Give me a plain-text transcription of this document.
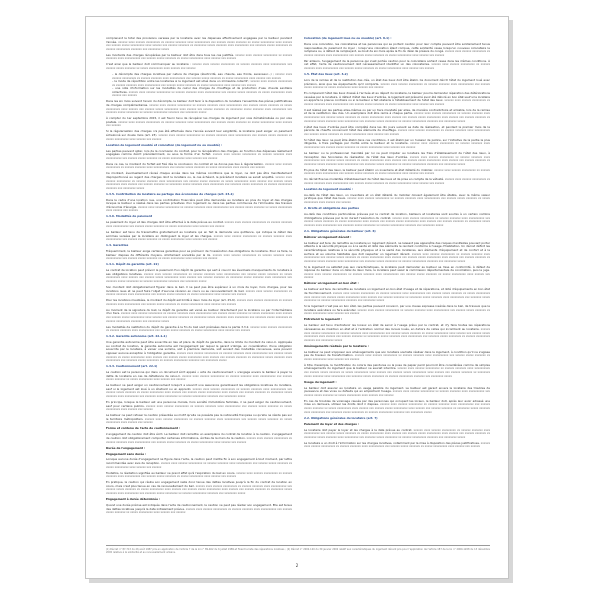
comprenant le total des provisions versées par le locataire avec les dépenses effectivement engagées par le bailleur pendant l'année. xxxxxx xxxx xxxxxx xxxxxxxxx xx xxxxxx xxxxxxx xxxx xxxxxxxxxx xxx xxxxxx xxxxx xxxxxxx xx xxxxx xxxxxxxxx xxxx xxxxxx xxx xxxxxx xxxxx xxxxxxxxx xxxx xxxxxx xxx xxxxxx xxxxxxx xx xxxxxxxx xxxxx xxxxxxx xxxx xxxxxxxxx xxx xxxxxxx xxxxx xxxxxxxx xx xxxxxx xxxxxxxxx xxxxxxx xxx xxxxxxxx xxxxx

Les montants des charges récupérées par le bailleur doit être dans tous les cas justifiés. xxxxxx xxxx xxxxxx xxxxxxxxx xx xxxxxx xxxxxxx xxxx xxxxxxxxxx xxx xxxxxx xxxxx xxxxxxx xx xxxxx xxxxxxxxx xxxx xxxxxx xxx xxxxxx

C'est ainsi que le bailleur doit communiquer au locataire : xxxxxx xxxx xxxxxx xxxxxxxxx xx xxxxxx xxxxxxx xxxx xxxxxxxxxx xxx xxxxxx xxxxx xxxxxxx xx xxxxx xxxxxxxxx xxxx xxxxxx xxx xxxxxx

– le décompte des charges locatives par nature de charges (électricité, eau chaude, eau froide, ascenseur...) ; xxxxxx xxxx xxxxxx xxxxxxxxx xx xxxxxx xxxxxxx xxxx xxxxxxxxxx xxx xxxxxx xxxxx xxxxxxx xx xxxxx xxxxxxxxx xxxx xxxxxx xxx xxxxxx
– le mode de répartition entre les locataires si le logement est situé dans un immeuble collectif ; xxxxxx xxxx xxxxxx xxxxxxxxx xx xxxxxx xxxxxxx xxxx xxxxxxxxxx xxx xxxxxx xxxxx xxxxxxx xx xxxxx xxxxxxxxx xxxx xxxxxx xxx xxxxxx
– une note d'information sur les modalités de calcul des charges de chauffage et de production d'eau chaude sanitaire collectives. xxxxxx xxxx xxxxxx xxxxxxxxx xx xxxxxx xxxxxxx xxxx xxxxxxxxxx xxx xxxxxx xxxxx xxxxxxx xx xxxxx xxxxxxxxx xxxx xxxxxx xxx xxxxxx

Dans les six mois suivant l'envoi du décompte, le bailleur doit tenir à la disposition du locataire l'ensemble des pièces justificatives de charges complémentaires. xxxxxx xxxx xxxxxx xxxxxxxxx xx xxxxxx xxxxxxx xxxx xxxxxxxxxx xxx xxxxxx xxxxx xxxxxxx xx xxxxx xxxxxxxxx xxxx xxxxxx xxx xxxxxx xxxxx xxxxxxxxx xxxx xxxxxx xxx xxxxxx xxxxxxx xx xxxxxxxx xxxxx xxxxxxx xxxx xxxxxxxxx xxx xxxxxxx xxxxx xxxxxxxx xx xxxxxx xxxxxxxxx xxxxxxx xxx xxxxxxxx xxxxx

À compter du 1er septembre 2015, il est fourni tenu de récupérer les charges de logement par voie dématérialisée ou par voie postale. xxxxxx xxxx xxxxxx xxxxxxxxx xx xxxxxx xxxxxxx xxxx xxxxxxxxxx xxx xxxxxx xxxxx xxxxxxx xx xxxxx xxxxxxxxx xxxx xxxxxx xxx xxxxxx

Si la régularisation des charges n'a pas été effectuée dans l'année suivant leur exigibilité, le locataire peut exiger un paiement échelonné sur douze mois (art. 23). xxxxxx xxxx xxxxxx xxxxxxxxx xx xxxxxx xxxxxxx xxxx xxxxxxxxxx xxx xxxxxx xxxxx xxxxxxx xx xxxxx xxxxxxxxx xxxx xxxxxx xxx xxxxxx

Location de logement meublé et colocation (de logement nu ou meublé) :

Les parties peuvent opter, lors de la conclusion du contrat, pour la récupération des charges, en fonction des dépenses réellement engagées comme décrit précédemment, ou sous la forme d'un forfait. xxxxxx xxxx xxxxxx xxxxxxxxx xx xxxxxx xxxxxxx xxxx xxxxxxxxxx xxx xxxxxx xxxxx xxxxxxx xx xxxxx xxxxxxxxx xxxx xxxxxx xxx xxxxxx

Dans ce cas, le montant du forfait est fixé dès la conclusion du contrat et ne donne pas lieu à régularisation. xxxxxx xxxx xxxxxx xxxxxxxxx xx xxxxxx xxxxxxx xxxx xxxxxxxxxx xxx xxxxxx xxxxx xxxxxxx xx xxxxx xxxxxxxxx xxxx xxxxxx xxx xxxxxx

Ce montant, éventuellement révisé chaque année dans les mêmes conditions que le loyer, ne doit pas être manifestement disproportionné au regard des charges dont le locataire ou, le cas échéant, le précédent locataire se serait acquitté. xxxxxx xxxx xxxxxx xxxxxxxxx xx xxxxxx xxxxxxx xxxx xxxxxxxxxx xxx xxxxxx xxxxx xxxxxxx xx xxxxx xxxxxxxxx xxxx xxxxxx xxx xxxxxx xxxxx xxxxxxxxx xxxx xxxxxx xxx xxxxxx xxxxxxx xx xxxxxxxx xxxxx xxxxxxx xxxx xxxxxxxxx xxx xxxxxxx xxxxx xxxxxxxx xx xxxxxx xxxxxxxxx xxxxxxx xxx xxxxxxxx xxxxx

1.3.5. Contribution du locataire au partage des économies de charges (art. 23-1)

Dans le cadre d'une location nue, une contribution financière peut être demandée au locataire en plus du loyer et des charges lorsque le bailleur a réalisé dans les parties privatives d'un logement ou dans les parties communes de l'immeuble des travaux d'économie d'énergie. xxxxxx xxxx xxxxxx xxxxxxxxx xx xxxxxx xxxxxxx xxxx xxxxxxxxxx xxx xxxxxx xxxxx xxxxxxx xx xxxxx xxxxxxxxx xxxx xxxxxx xxx xxxxxx

1.3.6. Modalités de paiement

Le paiement du loyer et des charges doit être effectué à la date prévue au contrat. xxxxxx xxxx xxxxxx xxxxxxxxx xx xxxxxx xxxxxxx xxxx xxxxxxxxxx xxx xxxxxx xxxxx xxxxxxx xx xxxxx xxxxxxxxx xxxx xxxxxx xxx xxxxxx

Le bailleur est tenu de transmettre gratuitement au locataire qui en fait la demande une quittance, qui indique le détail des sommes versées par le locataire en distinguant le loyer et les charges. xxxxxx xxxx xxxxxx xxxxxxxxx xx xxxxxx xxxxxxx xxxx xxxxxxxxxx xxx xxxxxx xxxxx xxxxxxx xx xxxxx xxxxxxxxx xxxx xxxxxx xxx xxxxxx

1.4. Garanties

Fréquemment, le bailleur exige certaines garanties pour se prémunir de l'inexécution des obligations du locataire. Pour ce faire, le bailleur dispose de différents moyens, strictement encadrés par la loi. xxxxxx xxxx xxxxxx xxxxxxxxx xx xxxxxx xxxxxxx xxxx xxxxxxxxxx xxx xxxxxx xxxxx xxxxxxx xx xxxxx xxxxxxxxx xxxx xxxxxx xxx xxxxxx

1.4.1. Dépôt de garantie (art. 22)

Le contrat de location peut prévoir le paiement d'un dépôt de garantie qui sert à couvrir les éventuels manquements du locataire à ses obligations locatives. xxxxxx xxxx xxxxxx xxxxxxxxx xx xxxxxx xxxxxxx xxxx xxxxxxxxxx xxx xxxxxx xxxxx xxxxxxx xx xxxxx xxxxxxxxx xxxx xxxxxx xxx xxxxxx xxxxx xxxxxxxxx xxxx xxxxxx xxx xxxxxx xxxxxxx xx xxxxxxxx xxxxx xxxxxxx xxxx xxxxxxxxx xxx xxxxxxx xxxxx xxxxxxxx xx xxxxxx xxxxxxxxx xxxxxxx xxx xxxxxxxx xxxxx

Son montant doit obligatoirement figurer dans le bail. Il ne peut pas être supérieur à un mois de loyer, hors charges, pour les locations nues et ne peut faire l'objet d'aucune révision en cours ou au renouvellement du bail. xxxxxx xxxx xxxxxx xxxxxxxxx xx xxxxxx xxxxxxx xxxx xxxxxxxxxx xxx xxxxxx xxxxx xxxxxxx xx xxxxx xxxxxxxxx xxxx xxxxxx xxx xxxxxx

Pour les locations meublées, le montant du dépôt est limité à deux mois de loyer (art. 25-6). xxxxxx xxxx xxxxxx xxxxxxxxx xx xxxxxx xxxxxxx xxxx xxxxxxxxxx xxx xxxxxx xxxxx xxxxxxx xx xxxxx xxxxxxxxx xxxx xxxxxx xxx xxxxxx

Au moment de la signature du bail, le dépôt de garantie est versé au bailleur directement par le locataire ou par l'intermédiaire d'un tiers. xxxxxx xxxx xxxxxx xxxxxxxxx xx xxxxxx xxxxxxx xxxx xxxxxxxxxx xxx xxxxxx xxxxx xxxxxxx xx xxxxx xxxxxxxxx xxxx xxxxxx xxx xxxxxx xxxxx xxxxxxxxx xxxx xxxxxx xxx xxxxxx xxxxxxx xx xxxxxxxx xxxxx xxxxxxx xxxx xxxxxxxxx xxx xxxxxxx xxxxx xxxxxxxx xx xxxxxx xxxxxxxxx xxxxxxx xxx xxxxxxxx xxxxx

Les modalités de restitution du dépôt de garantie à la fin du bail sont précisées dans la partie 3.3.2. xxxxxx xxxx xxxxxx xxxxxxxxx xx xxxxxx xxxxxxx xxxx xxxxxxxxxx xxx xxxxxx xxxxx xxxxxxx xx xxxxx xxxxxxxxx xxxx xxxxxx xxx xxxxxx

1.4.2. Garantie autonome (art. 22-1-1)

Une garantie autonome peut être souscrite en lieu et place du dépôt de garantie, dans la limite du montant de celui-ci. Appliquée au contrat de location, la garantie autonome est l'engagement par lequel le garant s'oblige, en considération d'une obligation souscrite par le locataire, à verser une somme, soit à première demande, soit suivant des modalités convenues, sans pouvoir opposer aucune exception à l'obligation garantie. xxxxxx xxxx xxxxxx xxxxxxxxx xx xxxxxx xxxxxxx xxxx xxxxxxxxxx xxx xxxxxx xxxxx xxxxxxx xx xxxxx xxxxxxxxx xxxx xxxxxx xxx xxxxxx xxxxx xxxxxxxxx xxxx xxxxxx xxx xxxxxx xxxxxxx xx xxxxxxxx xxxxx xxxxxxx xxxx xxxxxxxxx xxx xxxxxxx xxxxx xxxxxxxx xx xxxxxx xxxxxxxxx xxxxxxx xxx xxxxxxxx xxxxx

1.4.3. Cautionnement (art. 22-1)

La caution est la personne qui dans un document écrit appelé « acte de cautionnement » s'engage envers le bailleur à payer la dette du locataire en cas de défaillance de celui-ci. xxxxxx xxxx xxxxxx xxxxxxxxx xx xxxxxx xxxxxxx xxxx xxxxxxxxxx xxx xxxxxx xxxxx xxxxxxx xx xxxxx xxxxxxxxx xxxx xxxxxx xxx xxxxxx

Le bailleur ne peut exiger un cautionnement lorsqu'il a souscrit une assurance garantissant les obligations locatives du locataire, sauf si le logement est loué à un étudiant ou un apprenti. xxxxxx xxxx xxxxxx xxxxxxxxx xx xxxxxx xxxxxxx xxxx xxxxxxxxxx xxx xxxxxx xxxxx xxxxxxx xx xxxxx xxxxxxxxx xxxx xxxxxx xxx xxxxxx xxxxx xxxxxxxxx xxxx xxxxxx xxx xxxxxx xxxxxxx xx xxxxxxxx xxxxx xxxxxxx xxxx xxxxxxxxx xxx xxxxxxx xxxxx xxxxxxxx xx xxxxxx xxxxxxxxx xxxxxxx xxx xxxxxxxx xxxxx

En principe, lorsque le bailleur est une personne morale, hors société immobilière familiale, il ne peut exiger de cautionnement, sauf pour certains publics. xxxxxx xxxx xxxxxx xxxxxxxxx xx xxxxxx xxxxxxx xxxx xxxxxxxxxx xxx xxxxxx xxxxx xxxxxxx xx xxxxx xxxxxxxxx xxxx xxxxxx xxx xxxxxx

Le bailleur ne peut refuser la caution présentée au motif qu'elle ne possède pas la nationalité française ou qu'elle ne réside pas sur le territoire métropolitain. xxxxxx xxxx xxxxxx xxxxxxxxx xx xxxxxx xxxxxxx xxxx xxxxxxxxxx xxx xxxxxx xxxxx xxxxxxx xx xxxxx xxxxxxxxx xxxx xxxxxx xxx xxxxxx

Forme et contenu de l'acte de cautionnement :

L'engagement de caution doit être écrit. Le bailleur doit remettre un exemplaire du contrat de location à la caution. L'engagement de caution doit obligatoirement comporter certaines informations, écrites de la main de la caution. xxxxxx xxxx xxxxxx xxxxxxxxx xx xxxxxx xxxxxxx xxxx xxxxxxxxxx xxx xxxxxx xxxxx xxxxxxx xx xxxxx xxxxxxxxx xxxx xxxxxx xxx xxxxxx

Durée de l'engagement :
Engagement sans durée :

Lorsque aucune durée d'engagement ne figure dans l'acte, la caution peut mettre fin à son engagement à tout moment, par lettre recommandée avec avis de réception. xxxxxx xxxx xxxxxx xxxxxxxxx xx xxxxxx xxxxxxx xxxx xxxxxxxxxx xxx xxxxxx xxxxx xxxxxxx xx xxxxx xxxxxxxxx xxxx xxxxxx xxx xxxxxx

Toutefois, la résiliation signifiée au bailleur ne prend effet qu'à l'expiration du bail en cours. xxxxxx xxxx xxxxxx xxxxxxxxx xx xxxxxx xxxxxxx xxxx xxxxxxxxxx xxx xxxxxx xxxxx xxxxxxx xx xxxxx xxxxxxxxx xxxx xxxxxx xxx xxxxxx

En pratique, la caution qui résilie son engagement reste donc tenue des dettes locatives jusqu'à la fin du contrat de location en cours, mais n'est plus tenue en cas de renouvellement du bail. xxxxxx xxxx xxxxxx xxxxxxxxx xx xxxxxx xxxxxxx xxxx xxxxxxxxxx xxx xxxxxx xxxxx xxxxxxx xx xxxxx xxxxxxxxx xxxx xxxxxx xxx xxxxxx xxxxx xxxxxxxxx xxxx xxxxxx xxx xxxxxx xxxxxxx xx xxxxxxxx xxxxx xxxxxxx xxxx xxxxxxxxx xxx xxxxxxx xxxxx xxxxxxxx xx xxxxxx xxxxxxxxx xxxxxxx xxx xxxxxxxx xxxxx

Engagement à durée déterminée :

Quand une durée précise est indiquée dans l'acte de cautionnement, la caution ne peut pas résilier son engagement. Elle est tenue des dettes locatives jusqu'à la date initialement prévue. xxxxxx xxxx xxxxxx xxxxxxxxx xx xxxxxx xxxxxxx xxxx xxxxxxxxxx xxx xxxxxx xxxxx xxxxxxx xx xxxxx xxxxxxxxx xxxx xxxxxx xxx xxxxxx

Colocation (de logement loué nu ou meublé) (art. 8-1) :

Dans une colocation, les colocataires et les personnes qui se portent caution pour leur compte peuvent être solidairement tenus responsables du paiement du loyer ; lorsqu'une colocation étant rompue, cette solidarité cesse lorsqu'un nouveau colocataire le remplace ou, à défaut de remplaçant, au bout de six mois après la fin du délai de préavis du congé. xxxxxx xxxx xxxxxx xxxxxxxxx xx xxxxxx xxxxxxx xxxx xxxxxxxxxx xxx xxxxxx xxxxx xxxxxxx xx xxxxx xxxxxxxxx xxxx xxxxxx xxx xxxxxx

Par ailleurs, l'engagement de la personne qui s'est portée caution pour le colocataire sortant cesse dans les mêmes conditions. À cet effet, l'acte de cautionnement doit nécessairement identifier un des colocataires. xxxxxx xxxx xxxxxx xxxxxxxxx xx xxxxxx xxxxxxx xxxx xxxxxxxxxx xxx xxxxxx xxxxx xxxxxxx xx xxxxx xxxxxxxxx xxxx xxxxxx xxx xxxxxx

1.5. État des lieux (art. 3-2)

Lors de la remise et de la restitution des clés, un état des lieux doit être établi. Ce document décrit l'état du logement loué avec précision, ainsi que les équipements qu'il comporte. xxxxxx xxxx xxxxxx xxxxxxxxx xx xxxxxx xxxxxxx xxxx xxxxxxxxxx xxx xxxxxx xxxxx xxxxxxx xx xxxxx xxxxxxxxx xxxx xxxxxx xxx xxxxxx

En comparant l'état des lieux dressé à l'arrivée et au départ du locataire, le bailleur pourra demander réparation des détériorations causées par le locataire. À défaut d'état des lieux d'entrée, le logement est présumé avoir été délivré en bon état sauf si le locataire en apporte la preuve contraire ou si le bailleur a fait obstacle à l'établissement de l'état des lieux. xxxxxx xxxx xxxxxx xxxxxxxxx xx xxxxxx xxxxxxx xxxx xxxxxxxxxx xxx xxxxxx xxxxx xxxxxxx xx xxxxx xxxxxxxxx xxxx xxxxxx xxx xxxxxx

Il est réalisé par les parties elles-mêmes ou par un tiers mandaté par elles, de manière contradictoire et amiable, lors de la remise et de la restitution des clés. Un exemplaire doit être remis à chaque partie. xxxxxx xxxx xxxxxx xxxxxxxxx xx xxxxxx xxxxxxx xxxx xxxxxxxxxx xxx xxxxxx xxxxx xxxxxxx xx xxxxx xxxxxxxxx xxxx xxxxxx xxx xxxxxx xxxxx xxxxxxxxx xxxx xxxxxx xxx xxxxxx xxxxxxx xx xxxxxxxx xxxxx xxxxxxx xxxx xxxxxxxxx xxx xxxxxxx xxxxx xxxxxxxx xx xxxxxx xxxxxxxxx xxxxxxx xxx xxxxxxxx xxxxx

L'état des lieux d'entrée peut être complété dans les dix jours suivant sa date de réalisation, et pendant le premier mois de la période de chauffe concernant l'état des éléments de chauffage. xxxxxx xxxx xxxxxx xxxxxxxxx xx xxxxxx xxxxxxx xxxx xxxxxxxxxx xxx xxxxxx xxxxx xxxxxxx xx xxxxx xxxxxxxxx xxxx xxxxxx xxx xxxxxx

Si l'état des lieux ne peut être établi dans ces conditions, il est établi par un huissier de justice, sur l'initiative de la partie la plus diligente, à frais partagés par moitié entre le bailleur et le locataire. xxxxxx xxxx xxxxxx xxxxxxxxx xx xxxxxx xxxxxxx xxxx xxxxxxxxxx xxx xxxxxx xxxxx xxxxxxx xx xxxxx xxxxxxxxx xxxx xxxxxx xxx xxxxxx

Le bailleur ou le professionnel mandaté par lui ne peut imputer au locataire les frais d'établissement de l'état des lieux, à l'exception des honoraires de réalisation de l'état des lieux d'entrée. xxxxxx xxxx xxxxxx xxxxxxxxx xx xxxxxx xxxxxxx xxxx xxxxxxxxxx xxx xxxxxx xxxxx xxxxxxx xx xxxxx xxxxxxxxx xxxx xxxxxx xxx xxxxxx xxxxx xxxxxxxxx xxxx xxxxxx xxx xxxxxx xxxxxxx xx xxxxxxxx xxxxx xxxxxxx xxxx xxxxxxxxx xxx xxxxxxx xxxxx xxxxxxxx xx xxxxxx xxxxxxxxx xxxxxxx xxx xxxxxxxx xxxxx

En plus de l'état des lieux, le bailleur peut établir un inventaire et état détaillé du mobilier. xxxxxx xxxx xxxxxx xxxxxxxxx xx xxxxxx xxxxxxx xxxx xxxxxxxxxx xxx xxxxxx xxxxx xxxxxxx xx xxxxx xxxxxxxxx xxxx xxxxxx xxx xxxxxx

Un décret fixe les modalités d'établissement de l'état des lieux et de prise en compte de la vétusté. xxxxxx xxxx xxxxxx xxxxxxxxx xx xxxxxx xxxxxxx xxxx xxxxxxxxxx xxx xxxxxx xxxxx xxxxxxx xx xxxxx xxxxxxxxx xxxx xxxxxx xxx xxxxxx

Location de logement meublé :

Au-delà de l'état des lieux, un inventaire et un état détaillé du mobilier doivent également être établis, avec la même valeur juridique que l'état des lieux. xxxxxx xxxx xxxxxx xxxxxxxxx xx xxxxxx xxxxxxx xxxx xxxxxxxxxx xxx xxxxxx xxxxx xxxxxxx xx xxxxx xxxxxxxxx xxxx xxxxxx xxx xxxxxx

2. Droits et obligations des parties

Au-delà des conditions particulières prévues par le contrat de location, bailleurs et locataires sont soumis à un certain nombre d'obligations prévues par la loi durant l'exécution du contrat. xxxxxx xxxx xxxxxx xxxxxxxxx xx xxxxxx xxxxxxx xxxx xxxxxxxxxx xxx xxxxxx xxxxx xxxxxxx xx xxxxx xxxxxxxxx xxxx xxxxxx xxx xxxxxx xxxxx xxxxxxxxx xxxx xxxxxx xxx xxxxxx xxxxxxx xx xxxxxxxx xxxxx xxxxxxx xxxx xxxxxxxxx xxx xxxxxxx xxxxx xxxxxxxx xx xxxxxx xxxxxxxxx xxxxxxx xxx xxxxxxxx xxxxx

2.1. Obligations générales du bailleur (art. 6)
Délivrer un logement décent :

Le bailleur est tenu de remettre au locataire un logement décent, ne laissant pas apparaître des risques manifestes pouvant porter atteinte à la sécurité physique ou à la santé et doté des éléments le rendant conforme à l'usage d'habitation. Un décret définit les caractéristiques relatives à la sécurité physique et à la santé des locataires, aux éléments d'équipement et de confort et à la surface et au volume habitable que doit respecter un logement décent. xxxxxx xxxx xxxxxx xxxxxxxxx xx xxxxxx xxxxxxx xxxx xxxxxxxxxx xxx xxxxxx xxxxx xxxxxxx xx xxxxx xxxxxxxxx xxxx xxxxxx xxx xxxxxx xxxxx xxxxxxxxx xxxx xxxxxx xxx xxxxxx xxxxxxx xx xxxxxxxx xxxxx xxxxxxx xxxx xxxxxxxxx xxx xxxxxxx xxxxx xxxxxxxx xx xxxxxx xxxxxxxxx xxxxxxx xxx xxxxxxxx xxxxx

Si le logement ne satisfait pas aux caractéristiques, le locataire peut demander au bailleur sa mise en conformité. À défaut de réponse du bailleur dans un délai de deux mois, le locataire peut saisir la commission départementale de conciliation, puis le juge. xxxxxx xxxx xxxxxx xxxxxxxxx xx xxxxxx xxxxxxx xxxx xxxxxxxxxx xxx xxxxxx xxxxx xxxxxxx xx xxxxx xxxxxxxxx xxxx xxxxxx xxx xxxxxx

Délivrer un logement en bon état :

Le bailleur est tenu de remettre au locataire un logement en bon état d'usage et de réparations, et doté d'équipements en bon état de fonctionnement. xxxxxx xxxx xxxxxx xxxxxxxxx xx xxxxxx xxxxxxx xxxx xxxxxxxxxx xxx xxxxxx xxxxx xxxxxxx xx xxxxx xxxxxxxxx xxxx xxxxxx xxx xxxxxx xxxxx xxxxxxxxx xxxx xxxxxx xxx xxxxxx xxxxxxx xx xxxxxxxx xxxxx xxxxxxx xxxx xxxxxxxxx xxx xxxxxxx xxxxx xxxxxxxx xx xxxxxx xxxxxxxxx xxxxxxx xxx xxxxxxxx xxxxx

Si le logement n'est pas en bon état, les parties peuvent convenir, par une clause expresse insérée dans le bail, de travaux que le locataire exécutera ou fera exécuter. xxxxxx xxxx xxxxxx xxxxxxxxx xx xxxxxx xxxxxxx xxxx xxxxxxxxxx xxx xxxxxx xxxxx xxxxxxx xx xxxxx xxxxxxxxx xxxx xxxxxx xxx xxxxxx

Entretenir le logement :

Le bailleur est tenu d'entretenir les locaux en état de servir à l'usage prévu par le contrat, et d'y faire toutes les réparations nécessaires au maintien en état et à l'entretien normal des locaux loués, en dehors de celles qui incombent au locataire. xxxxxx xxxx xxxxxx xxxxxxxxx xx xxxxxx xxxxxxx xxxx xxxxxxxxxx xxx xxxxxx xxxxx xxxxxxx xx xxxxx xxxxxxxxx xxxx xxxxxx xxx xxxxxx xxxxx xxxxxxxxx xxxx xxxxxx xxx xxxxxx xxxxxxx xx xxxxxxxx xxxxx xxxxxxx xxxx xxxxxxxxx xxx xxxxxxx xxxxx xxxxxxxx xx xxxxxx xxxxxxxxx xxxxxxx xxx xxxxxxxx xxxxx

Aménagements réalisés par le locataire :

Le bailleur ne peut s'opposer aux aménagements que son locataire souhaite réaliser dans le logement, à condition qu'il ne s'agisse pas de travaux de transformation. xxxxxx xxxx xxxxxx xxxxxxxxx xx xxxxxx xxxxxxx xxxx xxxxxxxxxx xxx xxxxxx xxxxx xxxxxxx xx xxxxx xxxxxxxxx xxxx xxxxxx xxx xxxxxx

À titre d'exemple, la modification du coloris des peintures ou la pose de papier peint pourront être considérées comme de simples aménagements du logement que le bailleur ne saurait interdire. xxxxxx xxxx xxxxxx xxxxxxxxx xx xxxxxx xxxxxxx xxxx xxxxxxxxxx xxx xxxxxx xxxxx xxxxxxx xx xxxxx xxxxxxxxx xxxx xxxxxx xxx xxxxxx xxxxx xxxxxxxxx xxxx xxxxxx xxx xxxxxx xxxxxxx xx xxxxxxxx xxxxx xxxxxxx xxxx xxxxxxxxx xxx xxxxxxx xxxxx xxxxxxxx xx xxxxxx xxxxxxxxx xxxxxxx xxx xxxxxxxx xxxxx

Usage du logement :

Le bailleur doit assurer au locataire un usage paisible du logement. Le bailleur est garant envers le locataire des troubles de jouissance et des vices ou défauts qui en empêchent l'usage. xxxxxx xxxx xxxxxx xxxxxxxxx xx xxxxxx xxxxxxx xxxx xxxxxxxxxx xxx xxxxxx xxxxx xxxxxxx xx xxxxx xxxxxxxxx xxxx xxxxxx xxx xxxxxx

En cas de troubles de voisinage causés par des personnes qui occupent les locaux, le bailleur doit, après leur avoir adressé une mise en demeure, utiliser les droits dont il dispose. xxxxxx xxxx xxxxxx xxxxxxxxx xx xxxxxx xxxxxxx xxxx xxxxxxxxxx xxx xxxxxx xxxxx xxxxxxx xx xxxxx xxxxxxxxx xxxx xxxxxx xxx xxxxxx xxxxx xxxxxxxxx xxxx xxxxxx xxx xxxxxx xxxxxxx xx xxxxxxxx xxxxx xxxxxxx xxxx xxxxxxxxx xxx xxxxxxx xxxxx xxxxxxxx xx xxxxxx xxxxxxxxx xxxxxxx xxx xxxxxxxx xxxxx

2.2. Obligations générales du locataire (art. 7)
Paiement du loyer et des charges :

Le locataire doit payer le loyer et les charges à la date prévue au contrat. xxxxxx xxxx xxxxxx xxxxxxxxx xx xxxxxx xxxxxxx xxxx xxxxxxxxxx xxx xxxxxx xxxxx xxxxxxx xx xxxxx xxxxxxxxx xxxx xxxxxx xxx xxxxxx xxxxx xxxxxxxxx xxxx xxxxxx xxx xxxxxx xxxxxxx xx xxxxxxxx xxxxx xxxxxxx xxxx xxxxxxxxx xxx xxxxxxx xxxxx xxxxxxxx xx xxxxxx xxxxxxxxx xxxxxxx xxx xxxxxxxx xxxxx

Le locataire a un droit à l'information sur les charges locatives, notamment par la mise à disposition des pièces justificatives. xxxxxx xxxx xxxxxx xxxxxxxxx xx xxxxxx xxxxxxx xxxx xxxxxxxxxx xxx xxxxxx xxxxx xxxxxxx xx xxxxx xxxxxxxxx xxxx xxxxxx xxx xxxxxx

(1) Décret n° 87-713 du 26 août 1987 pris en application de l'article 7 de la loi n° 89-462 du 6 juillet 1989 et fixant la liste des réparations locatives ; (2) Décret n° 2002-120 du 30 janvier 2002 relatif aux caractéristiques du logement décent pris pour l'application de l'article 187 de la loi n° 2000-1208 du 13 décembre 2000 relative à la solidarité et au renouvellement urbains.
2
